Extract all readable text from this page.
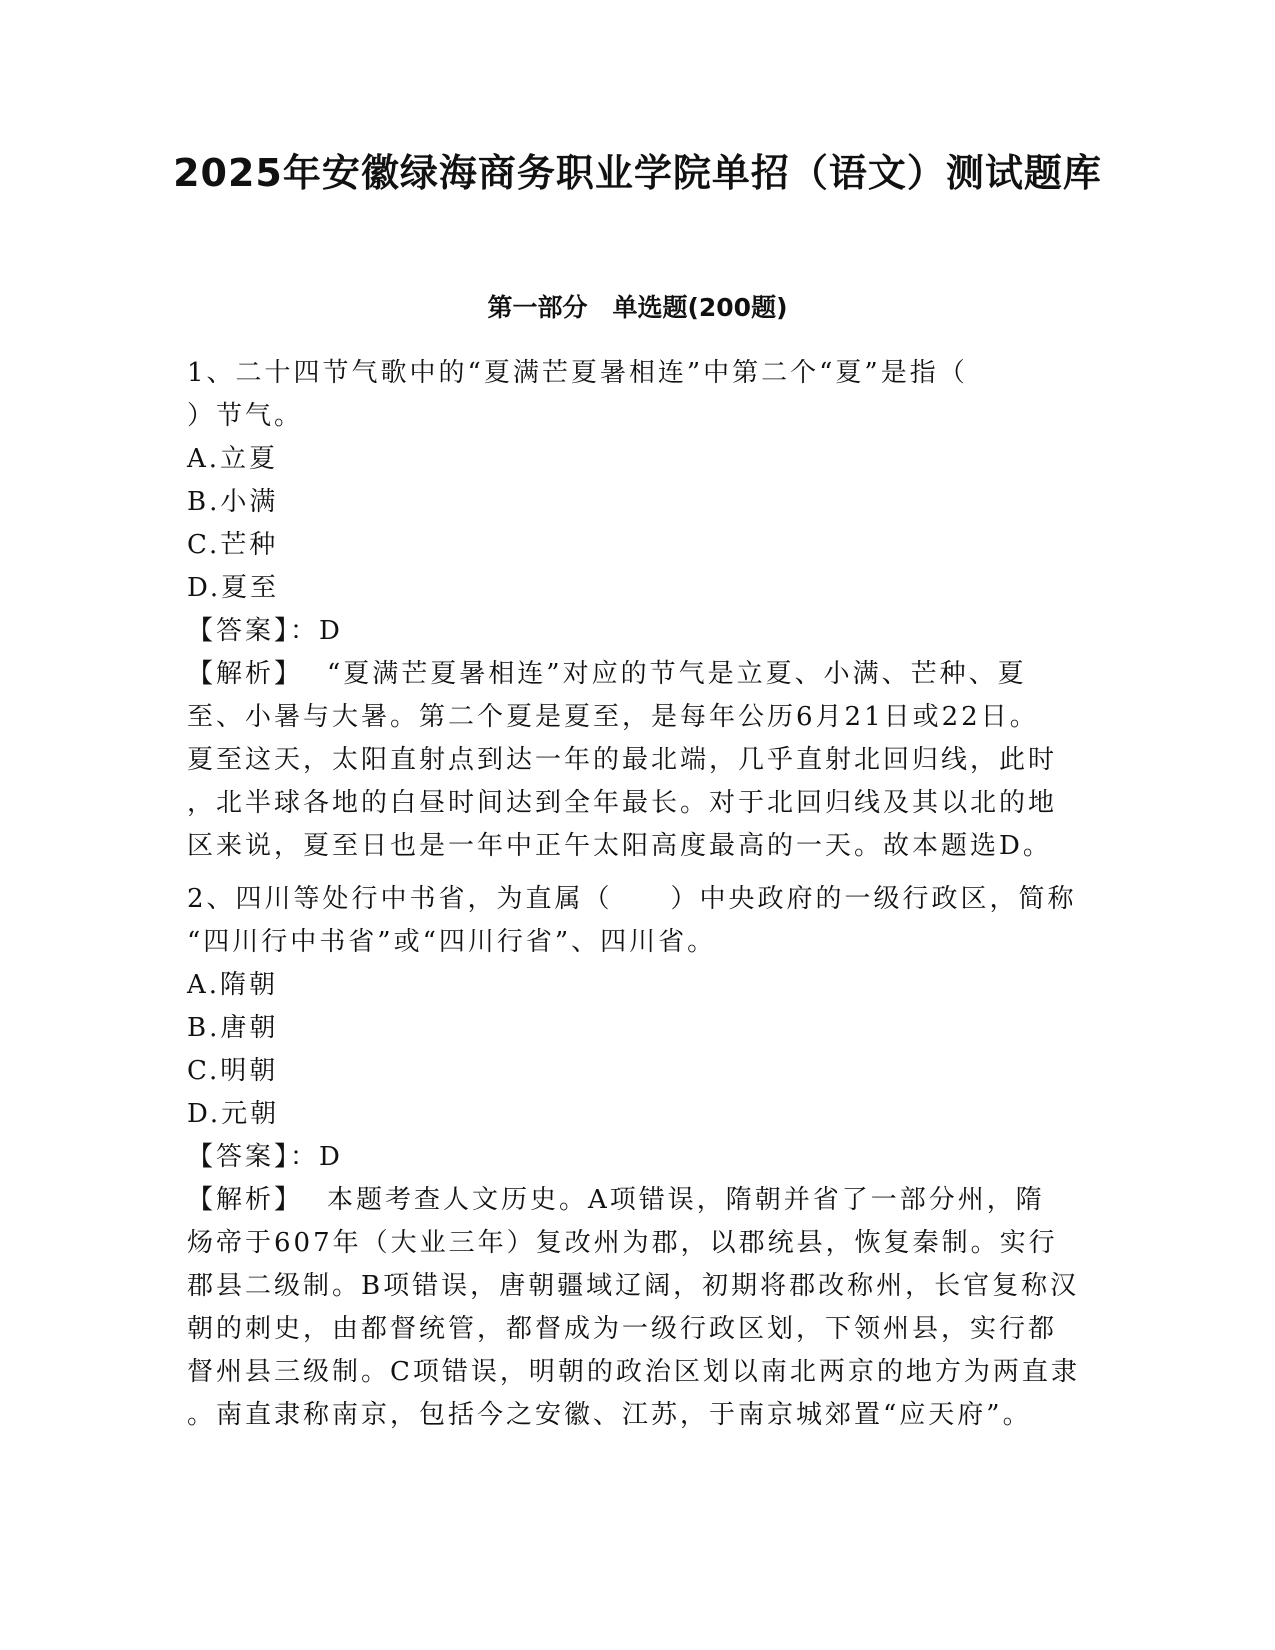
2025年安徽绿海商务职业学院单招（语文）测试题库
第一部分　单选题(200题)
1、二十四节气歌中的“夏满芒夏暑相连”中第二个“夏”是指（
）节气。
A.立夏
B.小满
C.芒种
D.夏至
【答案】：D
【解析】 “夏满芒夏暑相连”对应的节气是立夏、小满、芒种、夏
至、小暑与大暑。第二个夏是夏至，是每年公历6月21日或22日。
夏至这天，太阳直射点到达一年的最北端，几乎直射北回归线，此时
，北半球各地的白昼时间达到全年最长。对于北回归线及其以北的地
区来说，夏至日也是一年中正午太阳高度最高的一天。故本题选D。
2、四川等处行中书省，为直属（　　）中央政府的一级行政区，简称
“四川行中书省”或“四川行省”、四川省。
A.隋朝
B.唐朝
C.明朝
D.元朝
【答案】：D
【解析】 本题考查人文历史。A项错误，隋朝并省了一部分州，隋
炀帝于607年（大业三年）复改州为郡，以郡统县，恢复秦制。实行
郡县二级制。B项错误，唐朝疆域辽阔，初期将郡改称州，长官复称汉
朝的刺史，由都督统管，都督成为一级行政区划，下领州县，实行都
督州县三级制。C项错误，明朝的政治区划以南北两京的地方为两直隶
。南直隶称南京，包括今之安徽、江苏，于南京城郊置“应天府”。
